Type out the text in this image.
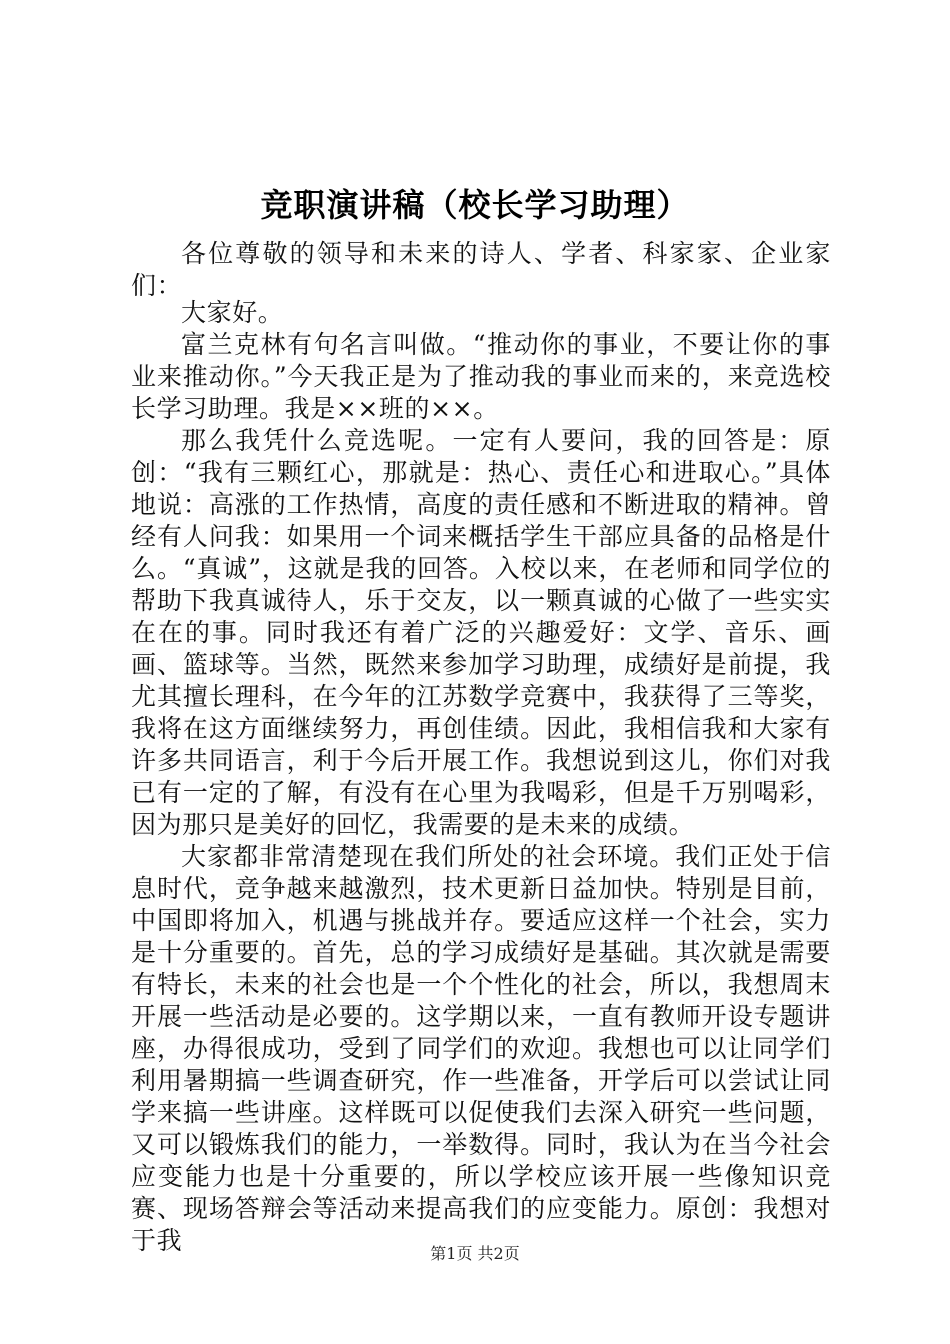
竞职演讲稿（校长学习助理）

各位尊敬的领导和未来的诗人、学者、科家家、企业家们：

大家好。

富兰克林有句名言叫做。“推动你的事业，不要让你的事业来推动你。”今天我正是为了推动我的事业而来的，来竞选校长学习助理。我是××班的××。

那么我凭什么竞选呢。一定有人要问，我的回答是：原创：“我有三颗红心，那就是：热心、责任心和进取心。”具体地说：高涨的工作热情，高度的责任感和不断进取的精神。曾经有人问我：如果用一个词来概括学生干部应具备的品格是什么。“真诚”，这就是我的回答。入校以来，在老师和同学位的帮助下我真诚待人，乐于交友，以一颗真诚的心做了一些实实在在的事。同时我还有着广泛的兴趣爱好：文学、音乐、画画、篮球等。当然，既然来参加学习助理，成绩好是前提，我尤其擅长理科，在今年的江苏数学竞赛中，我获得了三等奖，我将在这方面继续努力，再创佳绩。因此，我相信我和大家有许多共同语言，利于今后开展工作。我想说到这儿，你们对我已有一定的了解，有没有在心里为我喝彩，但是千万别喝彩，因为那只是美好的回忆，我需要的是未来的成绩。

大家都非常清楚现在我们所处的社会环境。我们正处于信息时代，竞争越来越激烈，技术更新日益加快。特别是目前，中国即将加入，机遇与挑战并存。要适应这样一个社会，实力是十分重要的。首先，总的学习成绩好是基础。其次就是需要有特长，未来的社会也是一个个性化的社会，所以，我想周末开展一些活动是必要的。这学期以来，一直有教师开设专题讲座，办得很成功，受到了同学们的欢迎。我想也可以让同学们利用暑期搞一些调查研究，作一些准备，开学后可以尝试让同学来搞一些讲座。这样既可以促使我们去深入研究一些问题，又可以锻炼我们的能力，一举数得。同时，我认为在当今社会应变能力也是十分重要的，所以学校应该开展一些像知识竞赛、现场答辩会等活动来提高我们的应变能力。原创：我想对于我	第1页 共2页
